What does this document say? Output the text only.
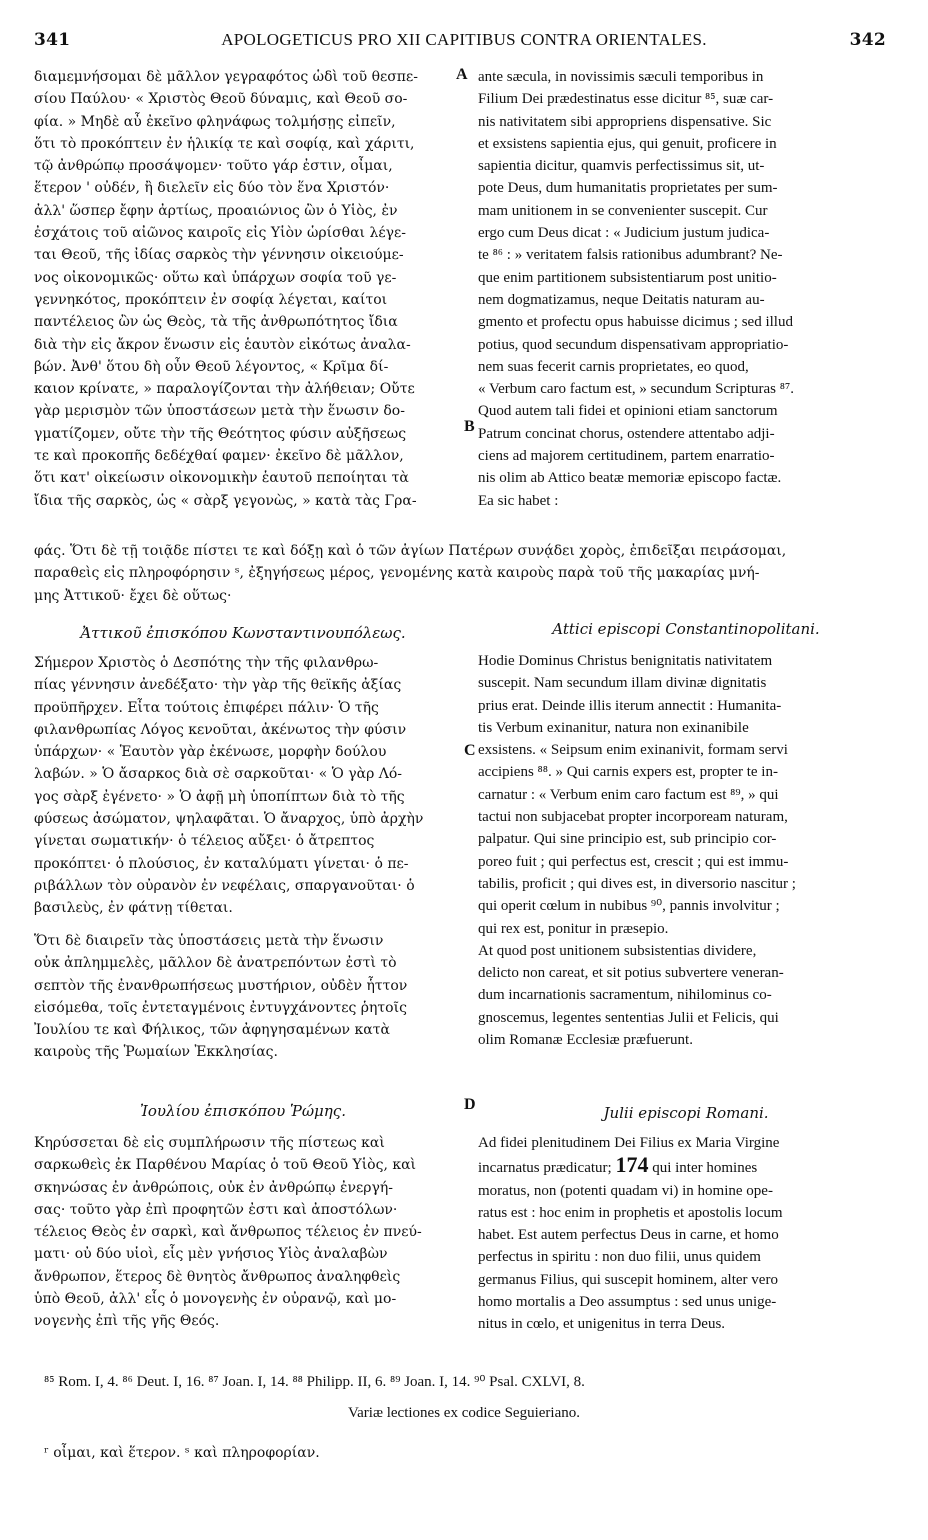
341	APOLOGETICUS PRO XII CAPITIBUS CONTRA ORIENTALES.	342
διαμεμνήσομαι δὲ μᾶλλον γεγραφότος ὡδὶ τοῦ θεσπε-
σίου Παύλου· « Χριστὸς Θεοῦ δύναμις, καὶ Θεοῦ σο-
φία. » Μηδὲ αὖ ἐκεῖνο φληνάφως τολμήσῃς εἰπεῖν,
ὅτι τὸ προκόπτειν ἐν ἡλικίᾳ τε καὶ σοφίᾳ, καὶ χάριτι,
τῷ ἀνθρώπῳ προσάψομεν· τοῦτο γάρ ἐστιν, οἶμαι,
ἕτερον ' οὐδέν, ἢ διελεῖν εἰς δύο τὸν ἕνα Χριστόν·
ἀλλ' ὥσπερ ἔφην ἀρτίως, προαιώνιος ὢν ὁ Υἱὸς, ἐν
ἐσχάτοις τοῦ αἰῶνος καιροῖς εἰς Υἱὸν ὡρίσθαι λέγε-
ται Θεοῦ, τῆς ἰδίας σαρκὸς τὴν γέννησιν οἰκειούμε-
νος οἰκονομικῶς· οὕτω καὶ ὑπάρχων σοφία τοῦ γε-
γεννηκότος, προκόπτειν ἐν σοφίᾳ λέγεται, καίτοι
παντέλειος ὢν ὡς Θεὸς, τὰ τῆς ἀνθρωπότητος ἴδια
διὰ τὴν εἰς ἄκρον ἕνωσιν εἰς ἑαυτὸν εἰκότως ἀναλα-
βών. Ἀνθ' ὅτου δὴ οὖν Θεοῦ λέγοντος, « Κρῖμα δί-
καιον κρίνατε, » παραλογίζονται τὴν ἀλήθειαν; Οὔτε
γὰρ μερισμὸν τῶν ὑποστάσεων μετὰ τὴν ἕνωσιν δο-
γματίζομεν, οὔτε τὴν τῆς Θεότητος φύσιν αὐξῆσεως
τε καὶ προκοπῆς δεδέχθαί φαμεν· ἐκεῖνο δὲ μᾶλλον,
ὅτι κατ' οἰκείωσιν οἰκονομικὴν ἑαυτοῦ πεποίηται τὰ
ἴδια τῆς σαρκὸς, ὡς « σὰρξ γεγονὼς, » κατὰ τὰς Γρα-
A ante sæcula, in novissimis sæculi temporibus in
Filium Dei prædestinatus esse dicitur ⁸⁵, suæ car-
nis nativitatem sibi appropriens dispensative. Sic
et exsistens sapientia ejus, qui genuit, proficere in
sapientia dicitur, quamvis perfectissimus sit, ut-
pote Deus, dum humanitatis proprietates per sum-
mam unitionem in se convenienter suscepit. Cur
ergo cum Deus dicat : « Judicium justum judica-
te ⁸⁶ : » veritatem falsis rationibus adumbrant? Ne-
que enim partitionem subsistentiarum post unitio-
nem dogmatizamus, neque Deitatis naturam au-
gmento et profectu opus habuisse dicimus ; sed illud
potius, quod secundum dispensativam appropriatio-
nem suas fecerit carnis proprietates, eo quod,
« Verbum caro factum est, » secundum Scripturas ⁸⁷.
Quod autem tali fidei et opinioni etiam sanctorum
Patrum concinat chorus, ostendere attentabo adji-
ciens ad majorem certitudinem, partem enarratio-
nis olim ab Attico beatæ memoriæ episcopo factæ.
Ea sic habet :
B
φάς. Ὅτι δὲ τῇ τοιᾷδε πίστει τε καὶ δόξῃ καὶ ὁ τῶν ἁγίων Πατέρων συνᾴδει χορὸς, ἐπιδεῖξαι πειράσομαι,
παραθεὶς εἰς πληροφόρησιν ˢ, ἐξηγήσεως μέρος, γενομένης κατὰ καιροὺς παρὰ τοῦ τῆς μακαρίας μνή-
μης Ἀττικοῦ· ἔχει δὲ οὕτως·
Ἀττικοῦ ἐπισκόπου Κωνσταντινουπόλεως.	Attici episcopi Constantinopolitani.
Σήμερον Χριστὸς ὁ Δεσπότης τὴν τῆς φιλανθρω-
πίας γέννησιν ἀνεδέξατο· τὴν γὰρ τῆς θεϊκῆς ἀξίας
προϋπῆρχεν. Εἶτα τούτοις ἐπιφέρει πάλιν· Ὁ τῆς
φιλανθρωπίας Λόγος κενοῦται, ἀκένωτος τὴν φύσιν
ὑπάρχων· « Ἑαυτὸν γὰρ ἐκένωσε, μορφὴν δούλου
λαβών. » Ὁ ἄσαρκος διὰ σὲ σαρκοῦται· « Ὁ γὰρ Λό-
γος σὰρξ ἐγένετο· » Ὁ ἀφῇ μὴ ὑποπίπτων διὰ τὸ τῆς
φύσεως ἀσώματον, ψηλαφᾶται. Ὁ ἄναρχος, ὑπὸ ἀρχὴν
γίνεται σωματικήν· ὁ τέλειος αὔξει· ὁ ἄτρεπτος
προκόπτει· ὁ πλούσιος, ἐν καταλύματι γίνεται· ὁ πε-
ριβάλλων τὸν οὐρανὸν ἐν νεφέλαις, σπαργανοῦται· ὁ
βασιλεὺς, ἐν φάτνῃ τίθεται.
C
Hodie Dominus Christus benignitatis nativitatem
suscepit. Nam secundum illam divinæ dignitatis
prius erat. Deinde illis iterum annectit : Humanita-
tis Verbum exinanitur, natura non exinanibile
exsistens. « Seipsum enim exinanivit, formam servi
accipiens ⁸⁸. » Qui carnis expers est, propter te in-
carnatur : « Verbum enim caro factum est ⁸⁹, » qui
tactui non subjacebat propter incorpoream naturam,
palpatur. Qui sine principio est, sub principio cor-
poreo fuit ; qui perfectus est, crescit ; qui est immu-
tabilis, proficit ; qui dives est, in diversorio nascitur ;
qui operit cœlum in nubibus ⁹⁰, pannis involvitur ;
qui rex est, ponitur in præsepio.
At quod post unitionem subsistentias dividere,
delicto non careat, et sit potius subvertere veneran-
dum incarnationis sacramentum, nihilominus co-
gnoscemus, legentes sententias Julii et Felicis, qui
olim Romanæ Ecclesiæ præfuerunt.
Ὅτι δὲ διαιρεῖν τὰς ὑποστάσεις μετὰ τὴν ἕνωσιν
οὐκ ἀπλημμελὲς, μᾶλλον δὲ ἀνατρεπόντων ἐστὶ τὸ
σεπτὸν τῆς ἐνανθρωπήσεως μυστήριον, οὐδὲν ἧττον
εἰσόμεθα, τοῖς ἐντεταγμένοις ἐντυγχάνοντες ῥητοῖς
Ἰουλίου τε καὶ Φήλικος, τῶν ἀφηγησαμένων κατὰ
καιροὺς τῆς Ῥωμαίων Ἐκκλησίας.
Ἰουλίου ἐπισκόπου Ῥώμης.	D	Julii episcopi Romani.
Κηρύσσεται δὲ εἰς συμπλήρωσιν τῆς πίστεως καὶ
σαρκωθεὶς ἐκ Παρθένου Μαρίας ὁ τοῦ Θεοῦ Υἱὸς, καὶ
σκηνώσας ἐν ἀνθρώποις, οὐκ ἐν ἀνθρώπῳ ἐνεργή-
σας· τοῦτο γὰρ ἐπὶ προφητῶν ἐστι καὶ ἀποστόλων·
τέλειος Θεὸς ἐν σαρκὶ, καὶ ἄνθρωπος τέλειος ἐν πνεύ-
ματι· οὐ δύο υἱοὶ, εἷς μὲν γνήσιος Υἱὸς ἀναλαβὼν
ἄνθρωπον, ἕτερος δὲ θνητὸς ἄνθρωπος ἀναληφθεὶς
ὑπὸ Θεοῦ, ἀλλ' εἷς ὁ μονογενὴς ἐν οὐρανῷ, καὶ μο-
νογενὴς ἐπὶ τῆς γῆς Θεός.
Ad fidei plenitudinem Dei Filius ex Maria Virgine
incarnatus prædicatur; 174 qui inter homines
moratus, non (potenti quadam vi) in homine ope-
ratus est : hoc enim in prophetis et apostolis locum
habet. Est autem perfectus Deus in carne, et homo
perfectus in spiritu : non duo filii, unus quidem
germanus Filius, qui suscepit hominem, alter vero
homo mortalis a Deo assumptus : sed unus unige-
nitus in cœlo, et unigenitus in terra Deus.
⁸⁵ Rom. I, 4. ⁸⁶ Deut. I, 16. ⁸⁷ Joan. I, 14. ⁸⁸ Philipp. II, 6. ⁸⁹ Joan. I, 14. ⁹⁰ Psal. CXLVI, 8.
Variæ lectiones ex codice Seguieriano.
ʳ οἶμαι, καὶ ἕτερον. ˢ καὶ πληροφορίαν.
